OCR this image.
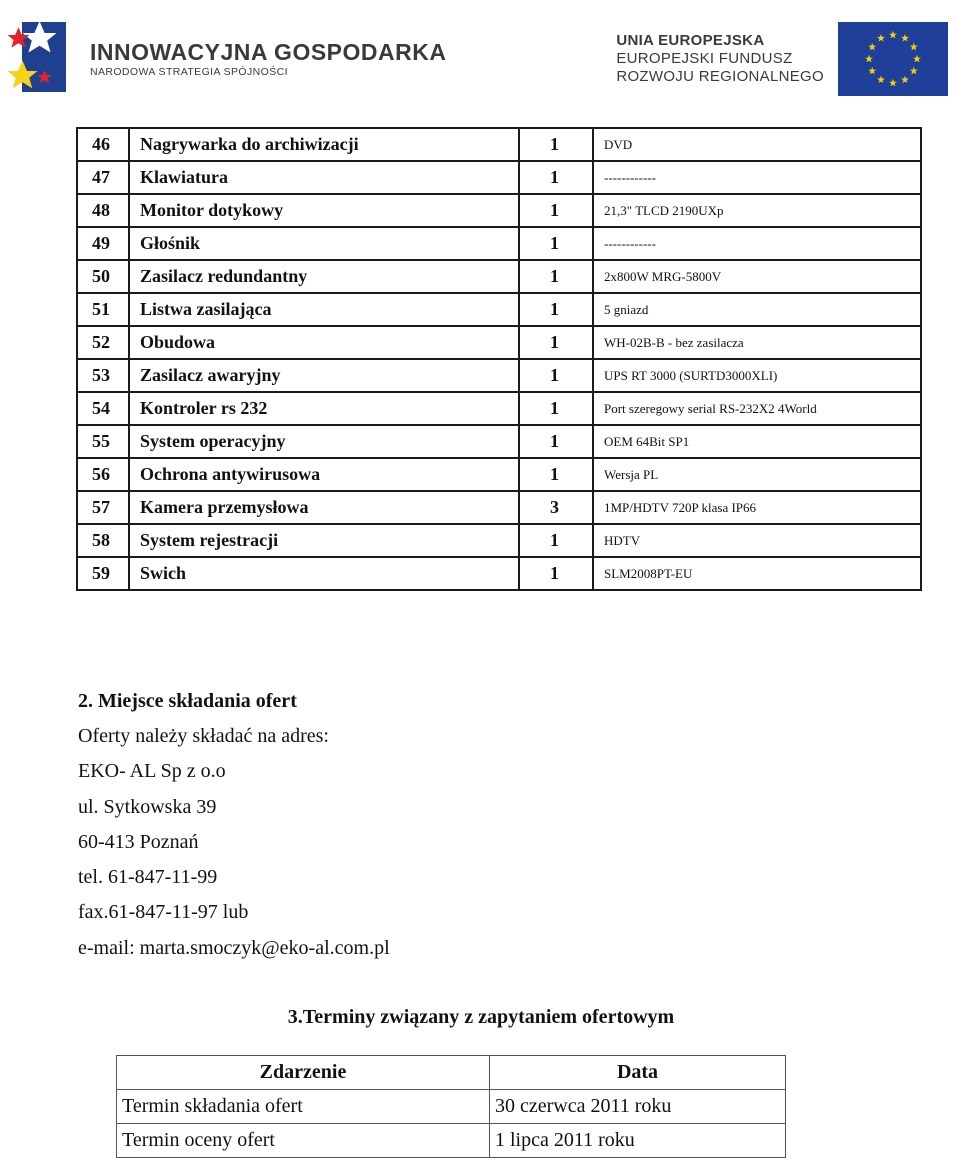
INNOWACYJNA GOSPODARKA
NARODOWA STRATEGIA SPÓJNOŚCI
UNIA EUROPEJSKA
EUROPEJSKI FUNDUSZ
ROZWOJU REGIONALNEGO
46	Nagrywarka do archiwizacji	1	DVD
47	Klawiatura	1	------------
48	Monitor dotykowy	1	21,3" TLCD 2190UXp
49	Głośnik	1	------------
50	Zasilacz redundantny	1	2x800W MRG-5800V
51	Listwa zasilająca	1	5 gniazd
52	Obudowa	1	WH-02B-B - bez zasilacza
53	Zasilacz awaryjny	1	UPS RT 3000 (SURTD3000XLI)
54	Kontroler rs 232	1	Port szeregowy serial RS-232X2 4World
55	System operacyjny	1	OEM 64Bit SP1
56	Ochrona antywirusowa	1	Wersja PL
57	Kamera przemysłowa	3	1MP/HDTV 720P klasa IP66
58	System rejestracji	1	HDTV
59	Swich	1	SLM2008PT-EU
2. Miejsce składania ofert
Oferty należy składać na adres:
EKO- AL Sp z o.o
ul. Sytkowska 39
60-413 Poznań
tel. 61-847-11-99
fax.61-847-11-97 lub
e-mail: marta.smoczyk@eko-al.com.pl
3.Terminy związany z zapytaniem ofertowym
Zdarzenie	Data
Termin składania ofert	30 czerwca 2011 roku
Termin oceny ofert	1 lipca 2011 roku
